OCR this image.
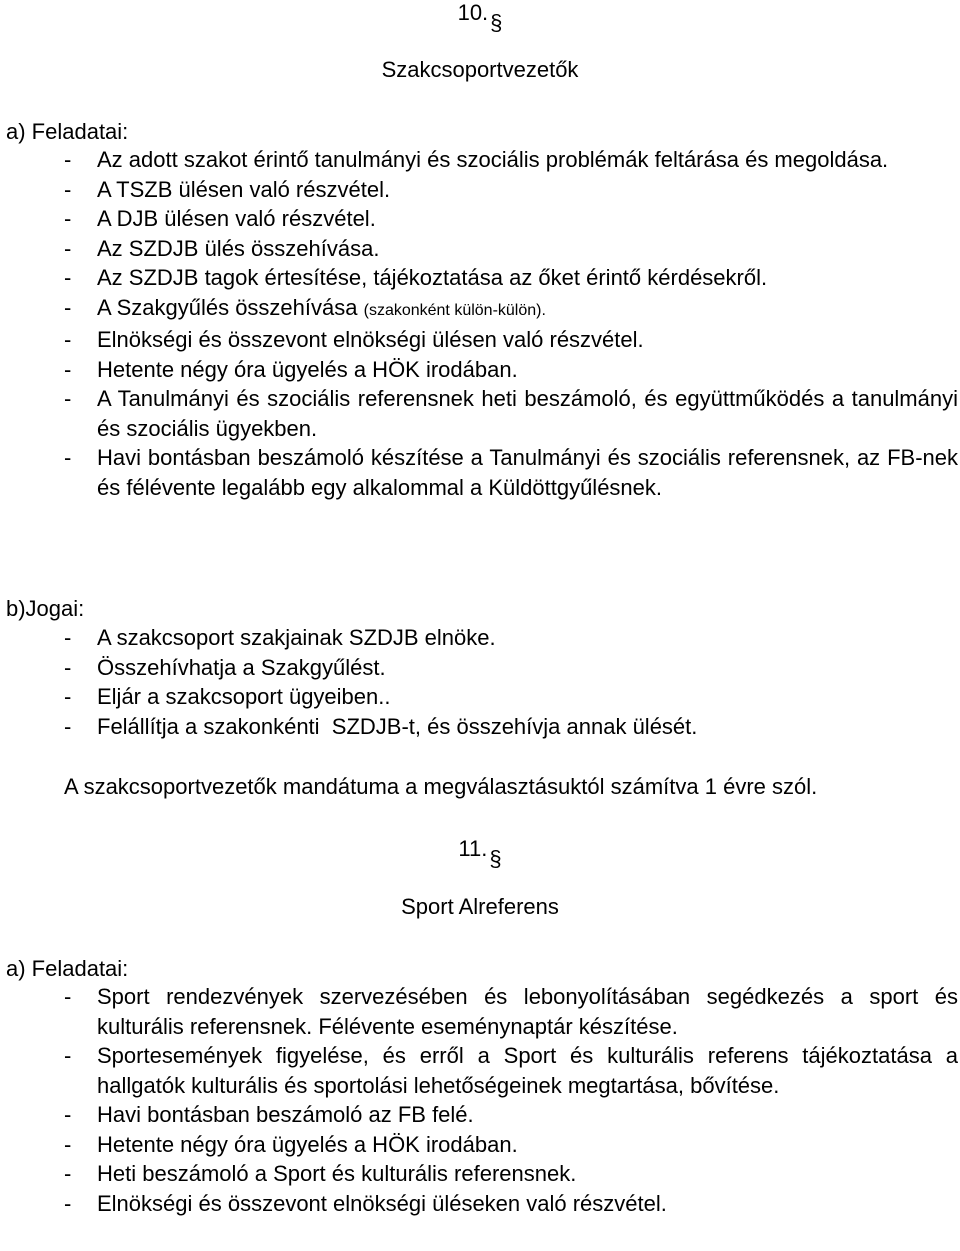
10.§
Szakcsoportvezetők
a) Feladatai:
- Az adott szakot érintő tanulmányi és szociális problémák feltárása és megoldása.
- A TSZB ülésen való részvétel.
- A DJB ülésen való részvétel.
- Az SZDJB ülés összehívása.
- Az SZDJB tagok értesítése, tájékoztatása az őket érintő kérdésekről.
- A Szakgyűlés összehívása (szakonként külön-külön).
- Elnökségi és összevont elnökségi ülésen való részvétel.
- Hetente négy óra ügyelés a HÖK irodában.
- A Tanulmányi és szociális referensnek heti beszámoló, és együttműködés a tanulmányi és szociális ügyekben.
- Havi bontásban beszámoló készítése a Tanulmányi és szociális referensnek, az FB-nek és félévente legalább egy alkalommal a Küldöttgyűlésnek.
b)Jogai:
- A szakcsoport szakjainak SZDJB elnöke.
- Összehívhatja a Szakgyűlést.
- Eljár a szakcsoport ügyeiben..
- Felállítja a szakonkénti  SZDJB-t, és összehívja annak ülését.
A szakcsoportvezetők mandátuma a megválasztásuktól számítva 1 évre szól.
11.§
Sport Alreferens
a) Feladatai:
- Sport rendezvények szervezésében és lebonyolításában segédkezés a sport és kulturális referensnek. Félévente eseménynaptár készítése.
- Sportesemények figyelése, és erről a Sport és kulturális referens tájékoztatása a hallgatók kulturális és sportolási lehetőségeinek megtartása, bővítése.
- Havi bontásban beszámoló az FB felé.
- Hetente négy óra ügyelés a HÖK irodában.
- Heti beszámoló a Sport és kulturális referensnek.
- Elnökségi és összevont elnökségi üléseken való részvétel.
